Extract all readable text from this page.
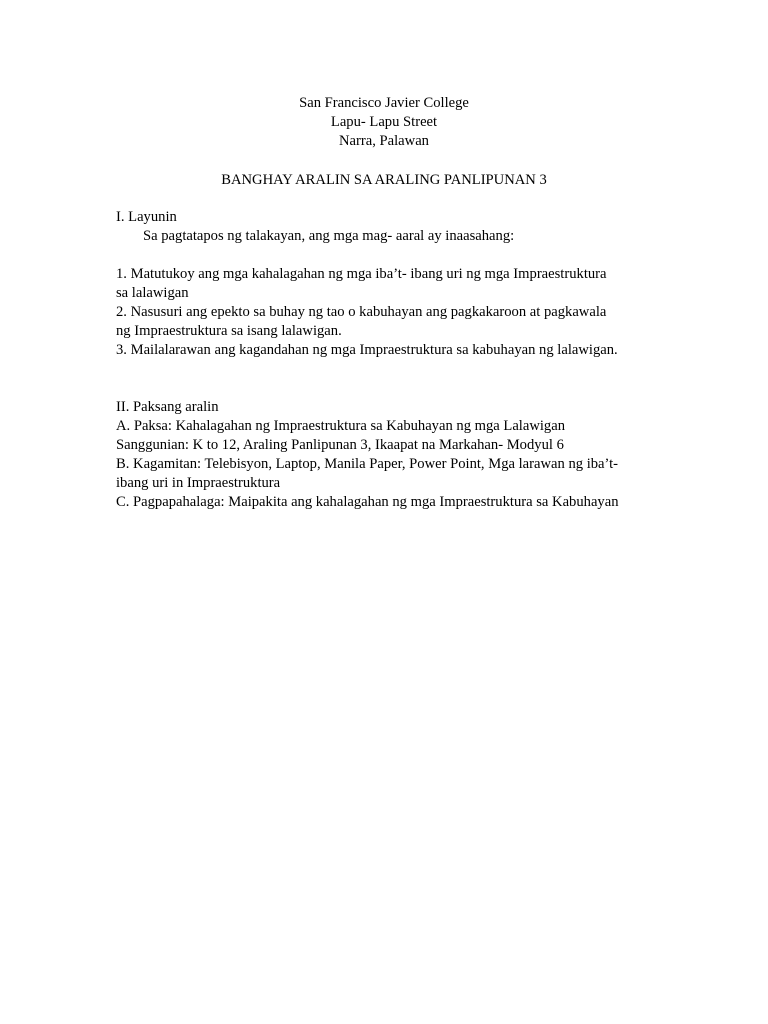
San Francisco Javier College
Lapu- Lapu Street
Narra, Palawan
BANGHAY ARALIN SA ARALING PANLIPUNAN 3
I. Layunin
Sa pagtatapos ng talakayan, ang mga mag- aaral ay inaasahang:
1. Matutukoy ang mga kahalagahan ng mga iba’t- ibang uri ng mga Impraestruktura
sa lalawigan
2. Nasusuri ang epekto sa buhay ng tao o kabuhayan ang pagkakaroon at pagkawala
ng Impraestruktura sa isang lalawigan.
3. Mailalarawan ang kagandahan ng mga Impraestruktura sa kabuhayan ng lalawigan.
II. Paksang aralin
A. Paksa: Kahalagahan ng Impraestruktura sa Kabuhayan ng mga Lalawigan
Sanggunian: K to 12, Araling Panlipunan 3, Ikaapat na Markahan- Modyul 6
B. Kagamitan: Telebisyon, Laptop, Manila Paper, Power Point, Mga larawan ng iba’t-
ibang uri in Impraestruktura
C. Pagpapahalaga: Maipakita ang kahalagahan ng mga Impraestruktura sa Kabuhayan
